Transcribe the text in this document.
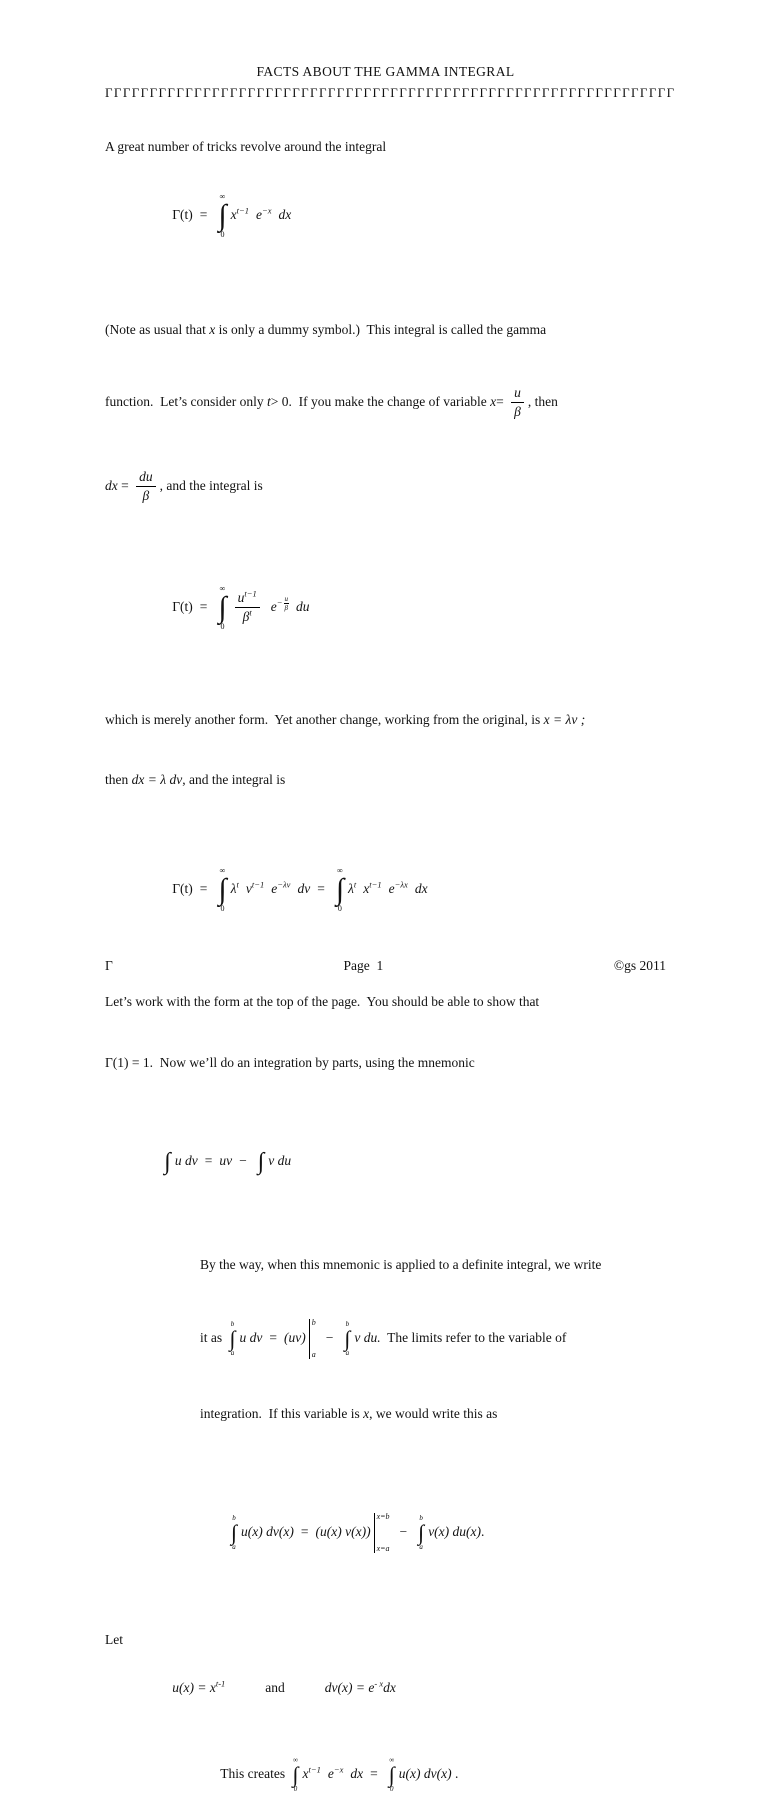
FACTS ABOUT THE GAMMA INTEGRAL
ΓΓΓΓΓΓΓΓΓΓΓΓΓΓΓΓΓΓΓΓΓΓΓΓΓΓΓΓΓΓΓΓΓΓΓΓΓΓΓΓΓΓΓΓΓΓΓΓΓΓΓΓΓΓΓΓΓΓΓΓΓΓΓΓ

A great number of tricks revolve around the integral

Γ(t) =
∞
∫
0
$x^{t-1}$ $e^{-x}$ dx

(Note as usual that x is only a dummy symbol.)  This integral is called the gamma

function.  Let’s consider only t> 0.  If you make the change of variable $x= \frac{u}{\beta}$ , then

dx = $\frac{du}{\beta}$ , and the integral is

Γ(t) =
∞
∫
0
$\frac{u^{t-1}}{\beta^t} e^{- \frac{u}{\beta}}$ du

which is merely another form.  Yet another change, working from the original, is x = λv ;

then dx = λ dv, and the integral is

Γ(t) =
∞
∫
0
$\lambda^t$ $v^{t-1}$ $e^{-\lambda v}$ dv =
∞
∫
0
$\lambda^t$ $x^{t-1}$ $e^{-\lambda x}$ dx

Let’s work with the form at the top of the page.  You should be able to show that

Γ(1) = 1.  Now we’ll do an integration by parts, using the mnemonic

∫ u dv = uv − ∫ v du

By the way, when this mnemonic is applied to a definite integral, we write

it as
b
∫
a
u dv = (uv)
b
a
−
b
∫
a
v du.  The limits refer to the variable of

integration.  If this variable is x, we would write this as

b
∫
a
u(x) dv(x) = (u(x) v(x))
x=b
x=a
−
b
∫
a
v(x) du(x).

Let

$u(x) = x^{t-1}$	and	$dv(x) = e^{- x}dx$

This creates
∞
∫
0
$x^{t-1}$ $e^{-x}$ dx =
∞
∫
0
u(x) dv(x) .

Γ	Page  1	©gs 2011
